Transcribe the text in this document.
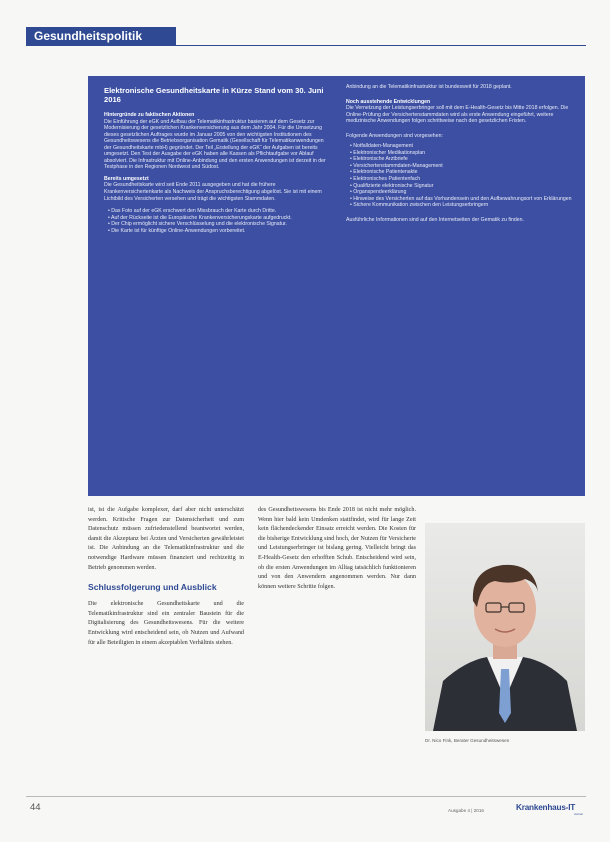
Gesundheitspolitik
Elektronische Gesundheitskarte in Kürze Stand vom 30. Juni 2016
Hintergründe zu faktischen Aktionen
Die Einführung der eGK und Aufbau der Telematikinfrastruktur basieren auf dem Gesetz zur Modernisierung der gesetzlichen Krankenversicherung aus dem Jahr 2004. Für die Umsetzung dieses gesetzlichen Auftrages wurde im Januar 2005 von den wichtigsten Institutionen des Gesundheitswesens die Betriebsorganisation Gematik (Gesellschaft für Telematikanwendungen der Gesundheitskarte mbH) gegründet. Der Teil „Erstellung der eGK“ der Aufgaben ist bereits umgesetzt. Den Test der Ausgabe der eGK haben alle Kassen als Pflichtaufgabe vor Ablauf absolviert. Die Infrastruktur mit Online-Anbindung und den ersten Anwendungen ist derzeit in der Testphase in den Regionen Nordwest und Südost.
Bereits umgesetzt
Die Gesundheitskarte wird seit Ende 2011 ausgegeben und hat die frühere Krankenversichertenkarte als Nachweis der Anspruchsberechtigung abgelöst. Sie ist mit einem Lichtbild des Versicherten versehen und trägt die wichtigsten Stammdaten.
• Das Foto auf der eGK erschwert den Missbrauch der Karte durch Dritte.
• Auf der Rückseite ist die Europäische Krankenversicherungskarte aufgedruckt.
• Der Chip ermöglicht sichere Verschlüsselung und die elektronische Signatur.
• Die Karte ist für künftige Online-Anwendungen vorbereitet.
Anbindung an die Telematikinfrastruktur ist bundesweit für 2018 geplant.
Noch ausstehende Entwicklungen
Die Vernetzung der Leistungserbringer soll mit dem E-Health-Gesetz bis Mitte 2018 erfolgen. Die Online-Prüfung der Versichertenstammdaten wird als erste Anwendung eingeführt, weitere medizinische Anwendungen folgen schrittweise nach den gesetzlichen Fristen.
Folgende Anwendungen sind vorgesehen:
• Notfalldaten-Management
• Elektronischer Medikationsplan
• Elektronische Arztbriefe
• Versichertenstammdaten-Management
• Elektronische Patientenakte
• Elektronisches Patientenfach
• Qualifizierte elektronische Signatur
• Organspendeerklärung
• Hinweise des Versicherten auf das Vorhandensein und den Aufbewahrungsort von Erklärungen
• Sichere Kommunikation zwischen den Leistungserbringern
Ausführliche Informationen sind auf den Internetseiten der Gematik zu finden.
ist, ist die Aufgabe komplexer, darf aber nicht unterschätzt werden. Kritische Fragen zur Datensicherheit und zum Datenschutz müssen zufriedenstellend beantwortet werden, damit die Akzeptanz bei Ärzten und Versicherten gewährleistet ist. Die Anbindung an die Telematikinfrastruktur und die notwendige Hardware müssen finanziert und rechtzeitig in Betrieb genommen werden.
Schlussfolgerung und Ausblick
Die elektronische Gesundheitskarte und die Telematikinfrastruktur sind ein zentraler Baustein für die Digitalisierung des Gesundheitswesens. Für die weitere Entwicklung wird entscheidend sein, ob Nutzen und Aufwand für alle Beteiligten in einem akzeptablen Verhältnis stehen.
des Gesundheitswesens bis Ende 2018 ist nicht mehr möglich. Wenn hier bald kein Umdenken stattfindet, wird für lange Zeit kein flächendeckender Einsatz erreicht werden. Die Kosten für die bisherige Entwicklung sind hoch, der Nutzen für Versicherte und Leistungserbringer ist bislang gering. Vielleicht bringt das E-Health-Gesetz den erhofften Schub. Entscheidend wird sein, ob die ersten Anwendungen im Alltag tatsächlich funktionieren und von den Anwendern angenommen werden. Nur dann können weitere Schritte folgen.
Dr. Nico Fink, Berater Gesundheitswesen
44	Ausgabe 4 | 2016	Krankenhaus-IT
Journal
